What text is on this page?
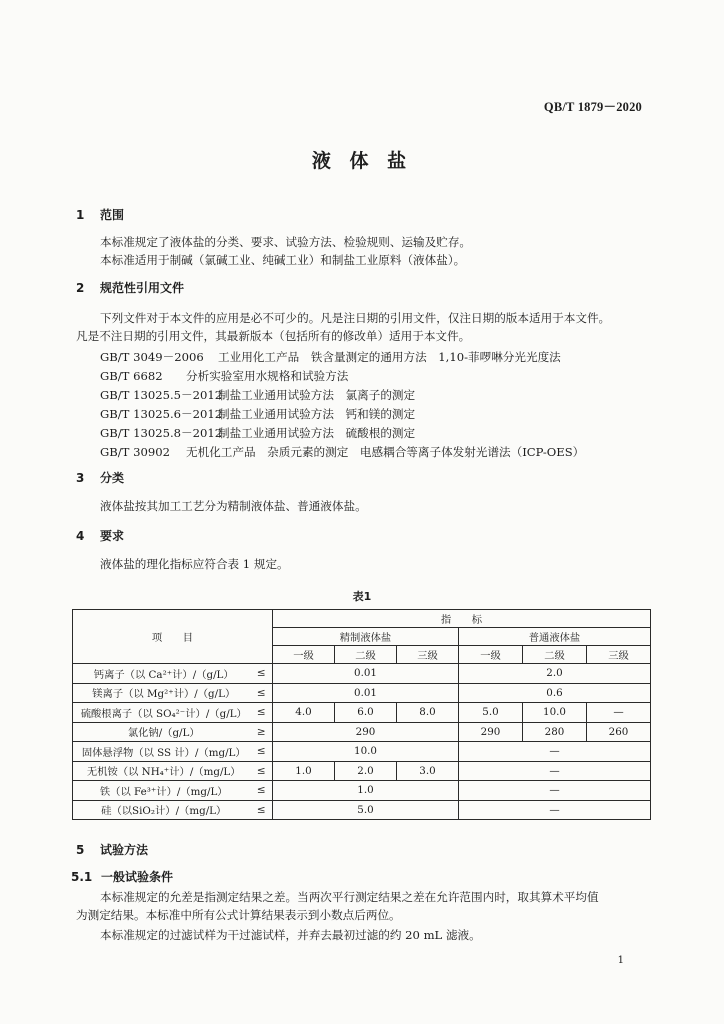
QB/T 1879－2020
液 体 盐
1 范围
本标准规定了液体盐的分类、要求、试验方法、检验规则、运输及贮存。
本标准适用于制碱（氯碱工业、纯碱工业）和制盐工业原料（液体盐）。
2 规范性引用文件
下列文件对于本文件的应用是必不可少的。凡是注日期的引用文件，仅注日期的版本适用于本文件。
凡是不注日期的引用文件，其最新版本（包括所有的修改单）适用于本文件。
GB/T 3049－2006 工业用化工产品　铁含量测定的通用方法　1,10-菲啰啉分光光度法
GB/T 6682 分析实验室用水规格和试验方法
GB/T 13025.5－2012制盐工业通用试验方法　氯离子的测定
GB/T 13025.6－2012制盐工业通用试验方法　钙和镁的测定
GB/T 13025.8－2012制盐工业通用试验方法　硫酸根的测定
GB/T 30902 无机化工产品　杂质元素的测定　电感耦合等离子体发射光谱法（ICP-OES）
3 分类
液体盐按其加工工艺分为精制液体盐、普通液体盐。
4 要求
液体盐的理化指标应符合表 1 规定。
表1
项　　目		指　　标					
		精制液体盐			普通液体盐		
		一级	二级	三级	一级	二级	三级
钙离子（以 Ca²⁺计）/（g/L）	≤	0.01			2.0		
镁离子（以 Mg²⁺计）/（g/L）	≤	0.01			0.6		
硫酸根离子（以 SO₄²⁻计）/（g/L）	≤	4.0	6.0	8.0	5.0	10.0	—
氯化钠/（g/L）	≥	290			290	280	260
固体悬浮物（以 SS 计）/（mg/L）	≤	10.0			—		
无机铵（以 NH₄⁺计）/（mg/L）	≤	1.0	2.0	3.0	—		
铁（以 Fe³⁺计）/（mg/L）	≤	1.0			—		
硅（以SiO₂计）/（mg/L）	≤	5.0			—		
5 试验方法
5.1 一般试验条件
本标准规定的允差是指测定结果之差。当两次平行测定结果之差在允许范围内时，取其算术平均值
为测定结果。本标准中所有公式计算结果表示到小数点后两位。
本标准规定的过滤试样为干过滤试样，并弃去最初过滤的约 20 mL 滤液。
1
